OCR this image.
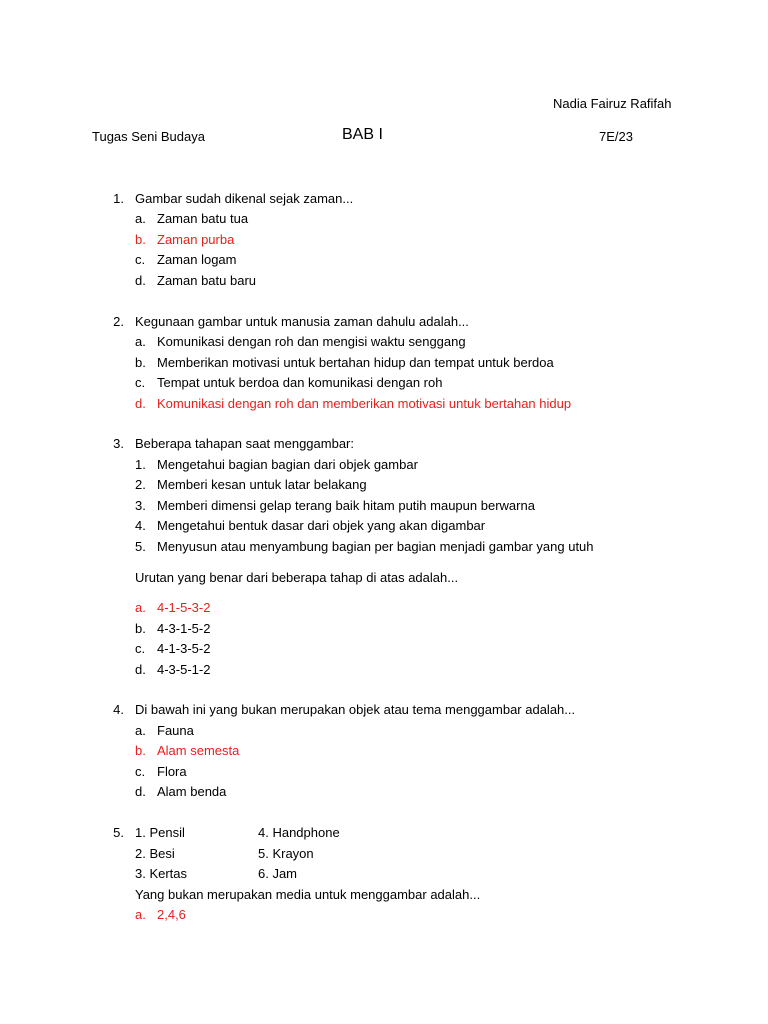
Nadia Fairuz Rafifah
Tugas Seni Budaya	BAB I	7E/23
1. Gambar sudah dikenal sejak zaman...
a. Zaman batu tua
b. Zaman purba
c. Zaman logam
d. Zaman batu baru
2. Kegunaan gambar untuk manusia zaman dahulu adalah...
a. Komunikasi dengan roh dan mengisi waktu senggang
b. Memberikan motivasi untuk bertahan hidup dan tempat untuk berdoa
c. Tempat untuk berdoa dan komunikasi dengan roh
d. Komunikasi dengan roh dan memberikan motivasi untuk bertahan hidup
3. Beberapa tahapan saat menggambar:
1. Mengetahui bagian bagian dari objek gambar
2. Memberi kesan untuk latar belakang
3. Memberi dimensi gelap terang baik hitam putih maupun berwarna
4. Mengetahui bentuk dasar dari objek yang akan digambar
5. Menyusun atau menyambung bagian per bagian menjadi gambar yang utuh
Urutan yang benar dari beberapa tahap di atas adalah...
a. 4-1-5-3-2
b. 4-3-1-5-2
c. 4-1-3-5-2
d. 4-3-5-1-2
4. Di bawah ini yang bukan merupakan objek atau tema menggambar adalah...
a. Fauna
b. Alam semesta
c. Flora
d. Alam benda
5. 1. Pensil	4. Handphone
2. Besi	5. Krayon
3. Kertas	6. Jam
Yang bukan merupakan media untuk menggambar adalah...
a. 2,4,6
